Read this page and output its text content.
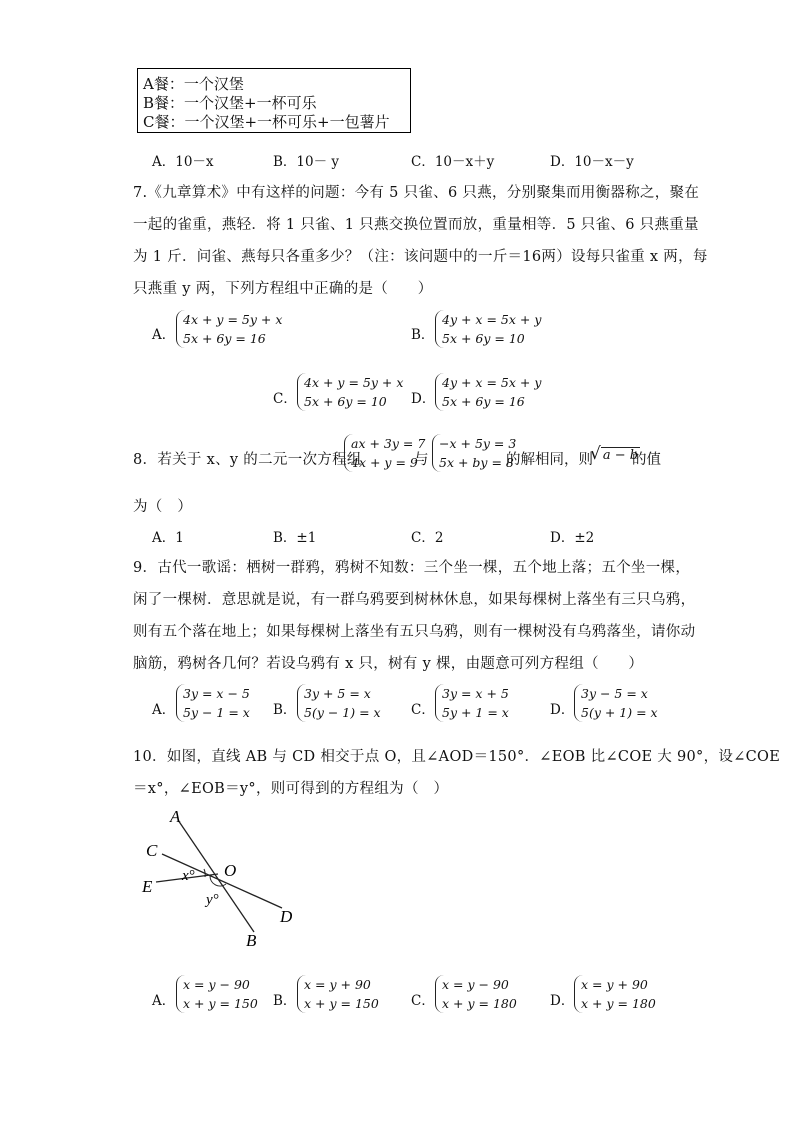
A餐：一个汉堡
B餐：一个汉堡+一杯可乐
C餐：一个汉堡+一杯可乐+一包薯片
A．10－x	B．10－ y	C．10－x＋y	D．10－x－y
7.《九章算术》中有这样的问题：今有 5 只雀、6 只燕，分别聚集而用衡器称之，聚在
一起的雀重，燕轻．将 1 只雀、1 只燕交换位置而放，重量相等．5 只雀、6 只燕重量
为 1 斤．问雀、燕每只各重多少？（注：该问题中的一斤＝16两）设每只雀重 x 两，每
只燕重 y 两，下列方程组中正确的是（　　）
A．
4x + y = 5y + x
5x + 6y = 16	B．
4y + x = 5x + y
5x + 6y = 10
C．
4x + y = 5y + x
5x + 6y = 10	D．
4y + x = 5x + y
5x + 6y = 16
8．若关于 x、y 的二元一次方程组
ax + 3y = 7
4x + y = 9
与
−x + 5y = 3
5x + by = 8
的解相同，则
√ a − b
的值
为（　）
A．1	B．±1	C．2	D．±2
9．古代一歌谣：栖树一群鸦，鸦树不知数：三个坐一棵，五个地上落；五个坐一棵，
闲了一棵树．意思就是说，有一群乌鸦要到树林休息，如果每棵树上落坐有三只乌鸦，
则有五个落在地上；如果每棵树上落坐有五只乌鸦，则有一棵树没有乌鸦落坐，请你动
脑筋，鸦树各几何？若设乌鸦有 x 只，树有 y 棵，由题意可列方程组（　　）
A．
3y = x − 5
5y − 1 = x B．
3y + 5 = x
5(y − 1) = x C．
3y = x + 5
5y + 1 = x	D．
3y − 5 = x
5(y + 1) = x
10．如图，直线 AB 与 CD 相交于点 O，且∠AOD＝150°．∠EOB 比∠COE 大 90°，设∠COE
＝x°，∠EOB＝y°，则可得到的方程组为（　）
A
B
C
D
E
O
x°
y°
A．
x = y − 90
x + y = 150 B．
x = y + 90
x + y = 150 C．
x = y − 90
x + y = 180 D．
x = y + 90
x + y = 180
